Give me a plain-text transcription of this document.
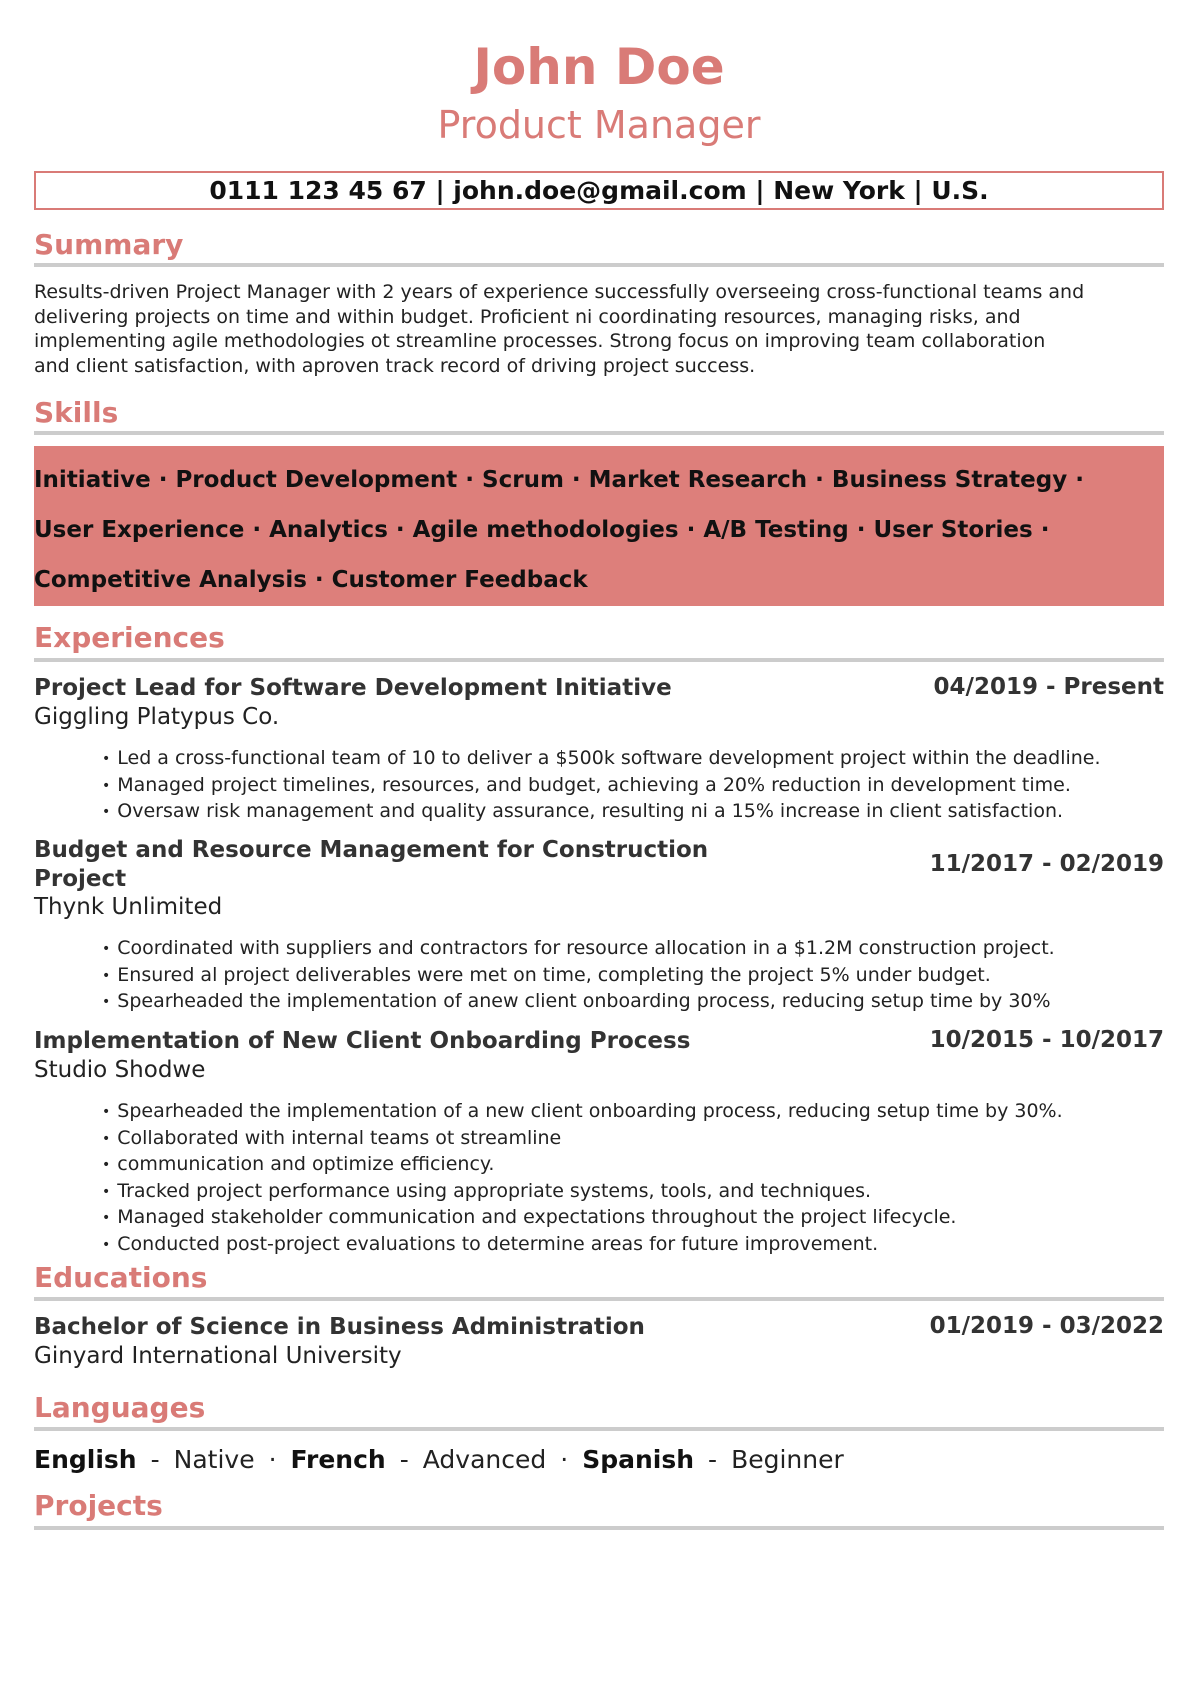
John Doe
Product Manager
0111 123 45 67 | john.doe@gmail.com | New York | U.S.
Summary
Results-driven Project Manager with 2 years of experience successfully overseeing cross-functional teams and
delivering projects on time and within budget. Proficient ni coordinating resources, managing risks, and
implementing agile methodologies ot streamline processes. Strong focus on improving team collaboration
and client satisfaction, with aproven track record of driving project success.
Skills
Initiative · Product Development · Scrum · Market Research · Business Strategy ·
User Experience · Analytics · Agile methodologies · A/B Testing · User Stories ·
Competitive Analysis · Customer Feedback
Experiences
Project Lead for Software Development Initiative	04/2019 - Present
Giggling Platypus Co.
• Led a cross-functional team of 10 to deliver a $500k software development project within the deadline.
• Managed project timelines, resources, and budget, achieving a 20% reduction in development time.
• Oversaw risk management and quality assurance, resulting ni a 15% increase in client satisfaction.
Budget and Resource Management for Construction
Project
11/2017 - 02/2019
Thynk Unlimited
• Coordinated with suppliers and contractors for resource allocation in a $1.2M construction project.
• Ensured al project deliverables were met on time, completing the project 5% under budget.
• Spearheaded the implementation of anew client onboarding process, reducing setup time by 30%
Implementation of New Client Onboarding Process	10/2015 - 10/2017
Studio Shodwe
• Spearheaded the implementation of a new client onboarding process, reducing setup time by 30%.
• Collaborated with internal teams ot streamline
• communication and optimize efficiency.
• Tracked project performance using appropriate systems, tools, and techniques.
• Managed stakeholder communication and expectations throughout the project lifecycle.
• Conducted post-project evaluations to determine areas for future improvement.
Educations
Bachelor of Science in Business Administration	01/2019 - 03/2022
Ginyard International University
Languages
English - Native · French - Advanced · Spanish - Beginner
Projects
